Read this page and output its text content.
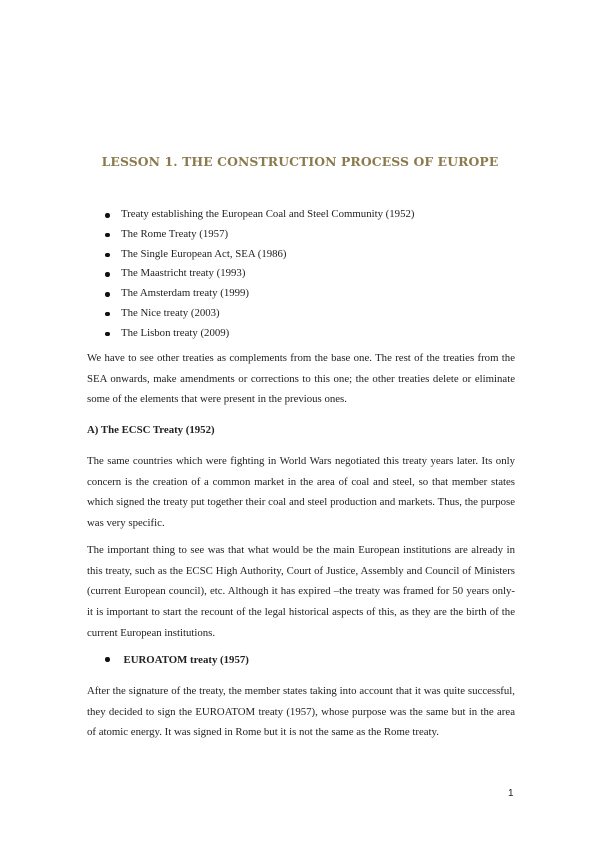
LESSON 1. THE CONSTRUCTION PROCESS OF EUROPE
Treaty establishing the European Coal and Steel Community (1952)
The Rome Treaty (1957)
The Single European Act, SEA (1986)
The Maastricht treaty (1993)
The Amsterdam treaty (1999)
The Nice treaty (2003)
The Lisbon treaty (2009)

We have to see other treaties as complements from the base one. The rest of the treaties from the SEA onwards, make amendments or corrections to this one; the other treaties delete or eliminate some of the elements that were present in the previous ones.

A) The ECSC Treaty (1952)

The same countries which were fighting in World Wars negotiated this treaty years later. Its only concern is the creation of a common market in the area of coal and steel, so that member states which signed the treaty put together their coal and steel production and markets. Thus, the purpose was very specific.

The important thing to see was that what would be the main European institutions are already in this treaty, such as the ECSC High Authority, Court of Justice, Assembly and Council of Ministers (current European council), etc. Although it has expired –the treaty was framed for 50 years only- it is important to start the recount of the legal historical aspects of this, as they are the birth of the current European institutions.

EUROATOM treaty (1957)

After the signature of the treaty, the member states taking into account that it was quite successful, they decided to sign the EUROATOM treaty (1957), whose purpose was the same but in the area of atomic energy. It was signed in Rome but it is not the same as the Rome treaty.

1
